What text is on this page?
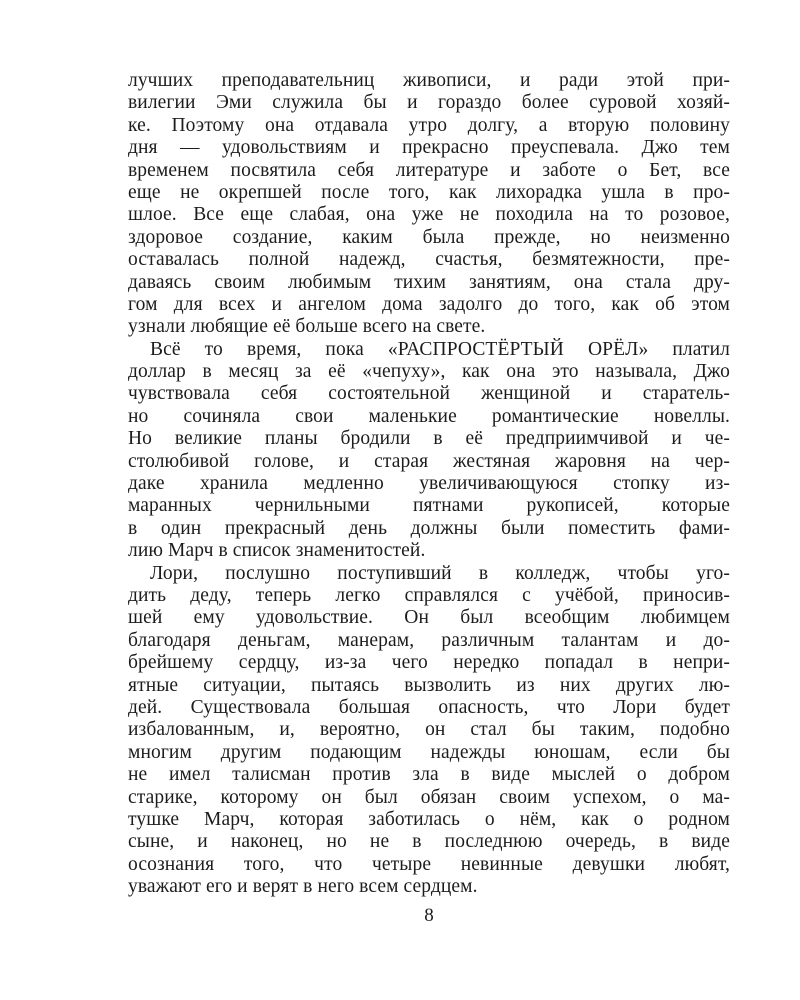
лучших преподавательниц живописи, и ради этой при-
вилегии Эми служила бы и гораздо более суровой хозяй-
ке. Поэтому она отдавала утро долгу, а вторую половину
дня — удовольствиям и прекрасно преуспевала. Джо тем
временем посвятила себя литературе и заботе о Бет, все
еще не окрепшей после того, как лихорадка ушла в про-
шлое. Все еще слабая, она уже не походила на то розовое,
здоровое создание, каким была прежде, но неизменно
оставалась полной надежд, счастья, безмятежности, пре-
даваясь своим любимым тихим занятиям, она стала дру-
гом для всех и ангелом дома задолго до того, как об этом
узнали любящие её больше всего на свете.
Всё то время, пока «РАСПРОСТЁРТЫЙ ОРЁЛ» платил
доллар в месяц за её «чепуху», как она это называла, Джо
чувствовала себя состоятельной женщиной и старатель-
но сочиняла свои маленькие романтические новеллы.
Но великие планы бродили в её предприимчивой и че-
столюбивой голове, и старая жестяная жаровня на чер-
даке хранила медленно увеличивающуюся стопку из-
маранных чернильными пятнами рукописей, которые
в один прекрасный день должны были поместить фами-
лию Марч в список знаменитостей.
Лори, послушно поступивший в колледж, чтобы уго-
дить деду, теперь легко справлялся с учёбой, приносив-
шей ему удовольствие. Он был всеобщим любимцем
благодаря деньгам, манерам, различным талантам и до-
брейшему сердцу, из-за чего нередко попадал в непри-
ятные ситуации, пытаясь вызволить из них других лю-
дей. Существовала большая опасность, что Лори будет
избалованным, и, вероятно, он стал бы таким, подобно
многим другим подающим надежды юношам, если бы
не имел талисман против зла в виде мыслей о добром
старике, которому он был обязан своим успехом, о ма-
тушке Марч, которая заботилась о нём, как о родном
сыне, и наконец, но не в последнюю очередь, в виде
осознания того, что четыре невинные девушки любят,
уважают его и верят в него всем сердцем.
8
